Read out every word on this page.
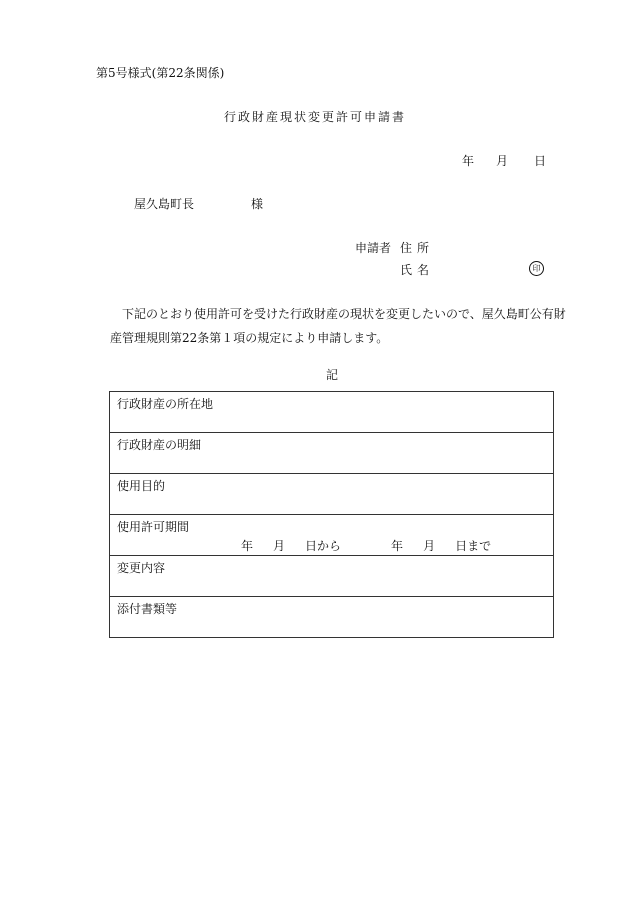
第5号様式(第22条関係)
行政財産現状変更許可申請書
年 月 日
屋久島町長	様
申請者 住所
氏名	印
下記のとおり使用許可を受けた行政財産の現状を変更したいので、屋久島町公有財産管理規則第22条第１項の規定により申請します。
記
行政財産の所在地
行政財産の明細
使用目的
使用許可期間
年 月 日から	年 月 日まで
変更内容
添付書類等
